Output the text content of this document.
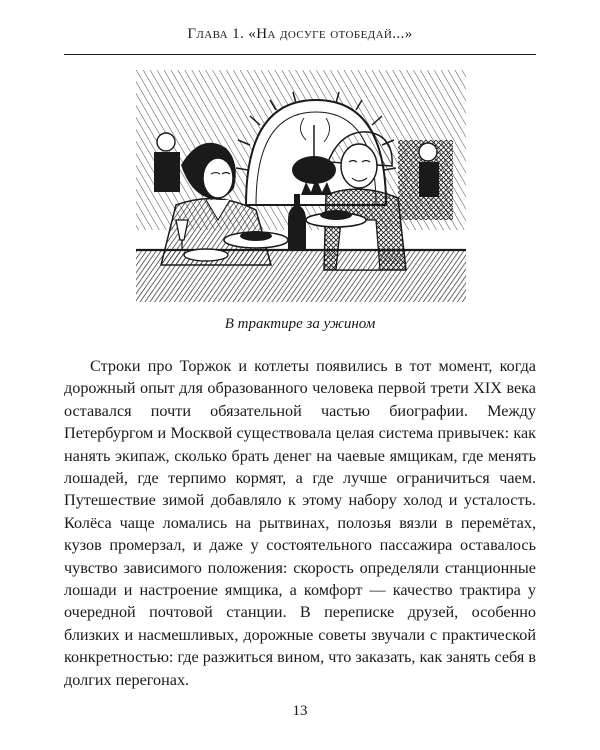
Глава 1. «На досуге отобедай...»
В трактире за ужином

Строки про Торжок и котлеты появились в тот момент, когда дорожный опыт для образованного человека первой трети XIX века оставался почти обязательной частью биографии. Между Петербургом и Москвой существовала целая система привычек: как нанять экипаж, сколько брать денег на чаевые ямщикам, где менять лошадей, где терпимо кормят, а где лучше ограничиться чаем. Путешествие зимой добавляло к этому набору холод и усталость. Колёса чаще ломались на рытвинах, полозья вязли в перемётах, кузов промерзал, и даже у состоятельного пассажира оставалось чувство зависимого положения: скорость определяли станционные лошади и настроение ямщика, а комфорт — качество трактира у очередной почтовой станции. В переписке друзей, особенно близких и насмешливых, дорожные советы звучали с практической конкретностью: где разжиться вином, что заказать, как занять себя в долгих перегонах.

13
